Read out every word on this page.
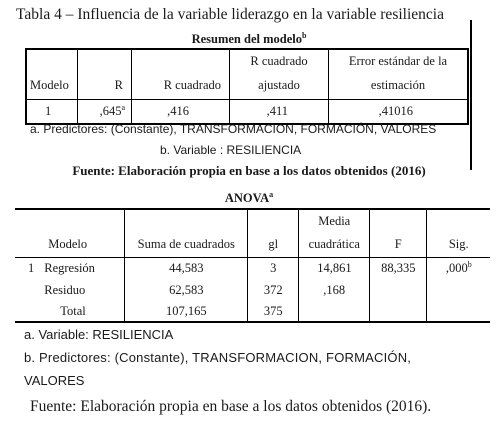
Tabla 4 – Influencia de la variable liderazgo en la variable resiliencia
Resumen del modelo$^b$
			R cuadrado	Error estándar de la
Modelo	R	R cuadrado	ajustado	estimación
1	,645$^a$	,416	,411	,41016
a. Predictores: (Constante), TRANSFORMACION, FORMACIÓN, VALORES
b. Variable : RESILIENCIA
Fuente: Elaboración propia en base a los datos obtenidos (2016)
ANOVA$^a$
				Media		
	Modelo	Suma de cuadrados	gl	cuadrática	F	Sig.
1	Regresión	44,583	3	14,861	88,335	,000$^b$
	Residuo	62,583	372	,168		
	Total	107,165	375			
a. Variable: RESILIENCIA
b. Predictores: (Constante), TRANSFORMACION, FORMACIÓN,
VALORES
Fuente: Elaboración propia en base a los datos obtenidos (2016).
